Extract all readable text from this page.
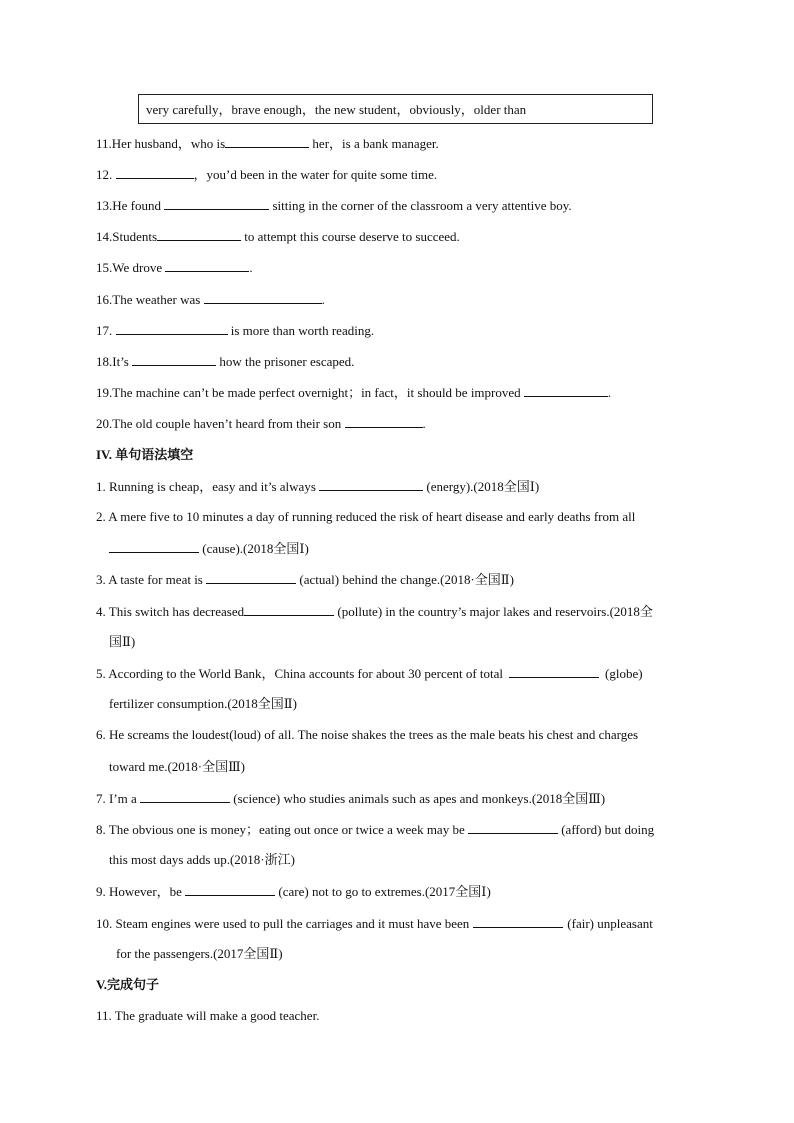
very carefully，brave enough，the new student，obviously，older than
11.Her husband，who is	her，is a bank manager.
12.	，you’d been in the water for quite some time.
13.He found	sitting in the corner of the classroom a very attentive boy.
14.Students	to attempt this course deserve to succeed.
15.We drove	.
16.The weather was	.
17.	is more than worth reading.
18.It’s	how the prisoner escaped.
19.The machine can’t be made perfect overnight；in fact，it should be improved	.
20.The old couple haven’t heard from their son	.
IV. 单句语法填空
1. Running is cheap，easy and it’s always	(energy).(2018全国Ⅰ)
2. A mere five to 10 minutes a day of running reduced the risk of heart disease and early deaths from all
(cause).(2018全国Ⅰ)
3. A taste for meat is	(actual) behind the change.(2018·全国Ⅱ)
4. This switch has decreased	(pollute) in the country’s major lakes and reservoirs.(2018全
国Ⅱ)
5. According to the World Bank，China accounts for about 30 percent of total	(globe)
fertilizer consumption.(2018全国Ⅱ)
6. He screams the loudest(loud) of all. The noise shakes the trees as the male beats his chest and charges
toward me.(2018·全国Ⅲ)
7. I’m a	(science) who studies animals such as apes and monkeys.(2018全国Ⅲ)
8. The obvious one is money；eating out once or twice a week may be	(afford) but doing
this most days adds up.(2018·浙江)
9. However，be	(care) not to go to extremes.(2017全国Ⅰ)
10. Steam engines were used to pull the carriages and it must have been	(fair) unpleasant
for the passengers.(2017全国Ⅱ)
V.完成句子
11. The graduate will make a good teacher.
